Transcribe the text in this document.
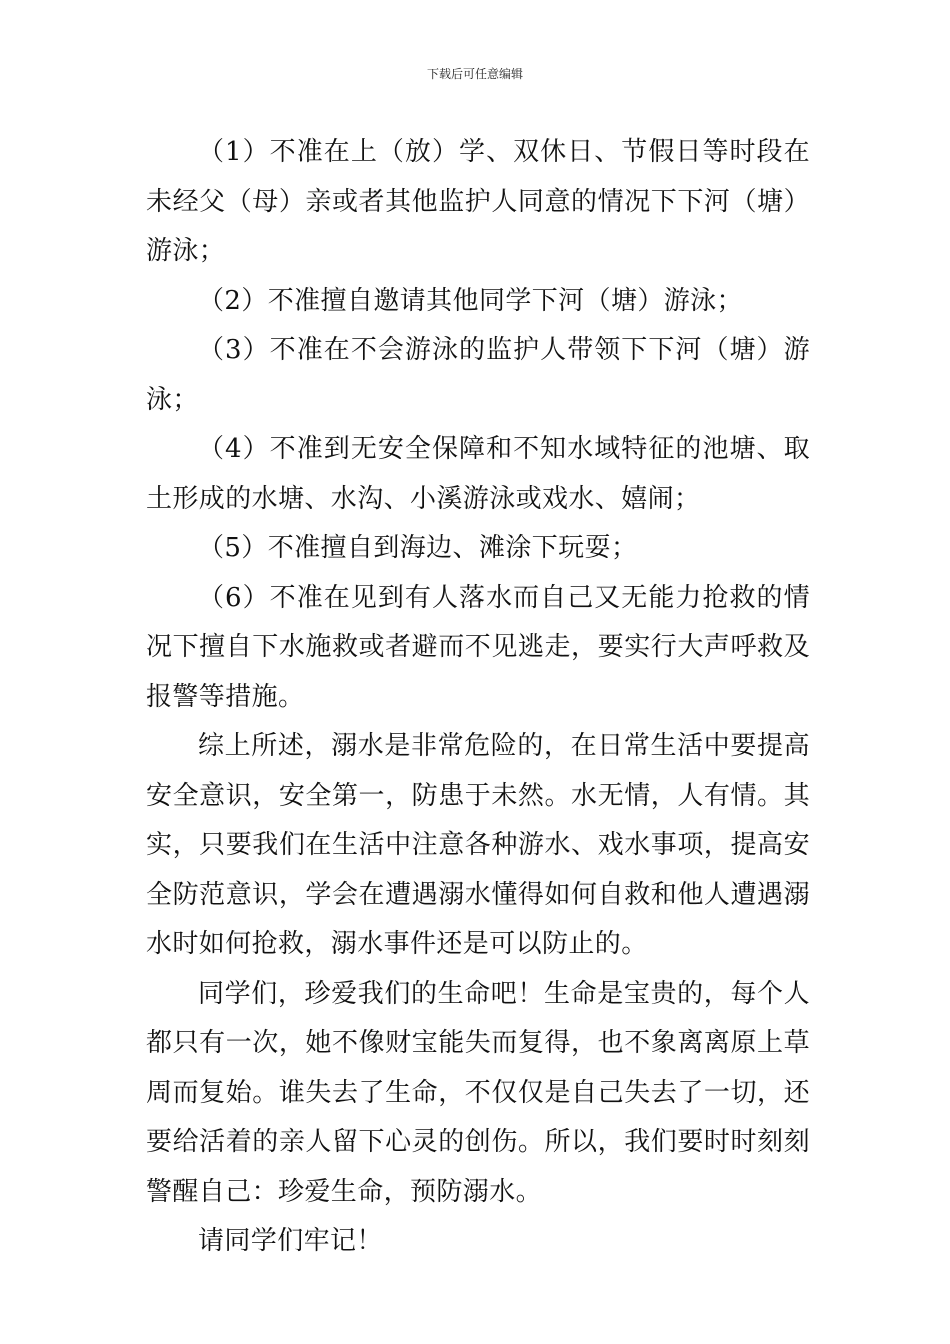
下载后可任意编辑

（1）不准在上（放）学、双休日、节假日等时段在未经父（母）亲或者其他监护人同意的情况下下河（塘）游泳；

（2）不准擅自邀请其他同学下河（塘）游泳；

（3）不准在不会游泳的监护人带领下下河（塘）游泳；

（4）不准到无安全保障和不知水域特征的池塘、取土形成的水塘、水沟、小溪游泳或戏水、嬉闹；

（5）不准擅自到海边、滩涂下玩耍；

（6）不准在见到有人落水而自己又无能力抢救的情况下擅自下水施救或者避而不见逃走，要实行大声呼救及报警等措施。

综上所述，溺水是非常危险的，在日常生活中要提高安全意识，安全第一，防患于未然。水无情，人有情。其实，只要我们在生活中注意各种游水、戏水事项，提高安全防范意识，学会在遭遇溺水懂得如何自救和他人遭遇溺水时如何抢救，溺水事件还是可以防止的。

同学们，珍爱我们的生命吧！生命是宝贵的，每个人都只有一次，她不像财宝能失而复得，也不象离离原上草周而复始。谁失去了生命，不仅仅是自己失去了一切，还要给活着的亲人留下心灵的创伤。所以，我们要时时刻刻警醒自己：珍爱生命，预防溺水。

请同学们牢记！
